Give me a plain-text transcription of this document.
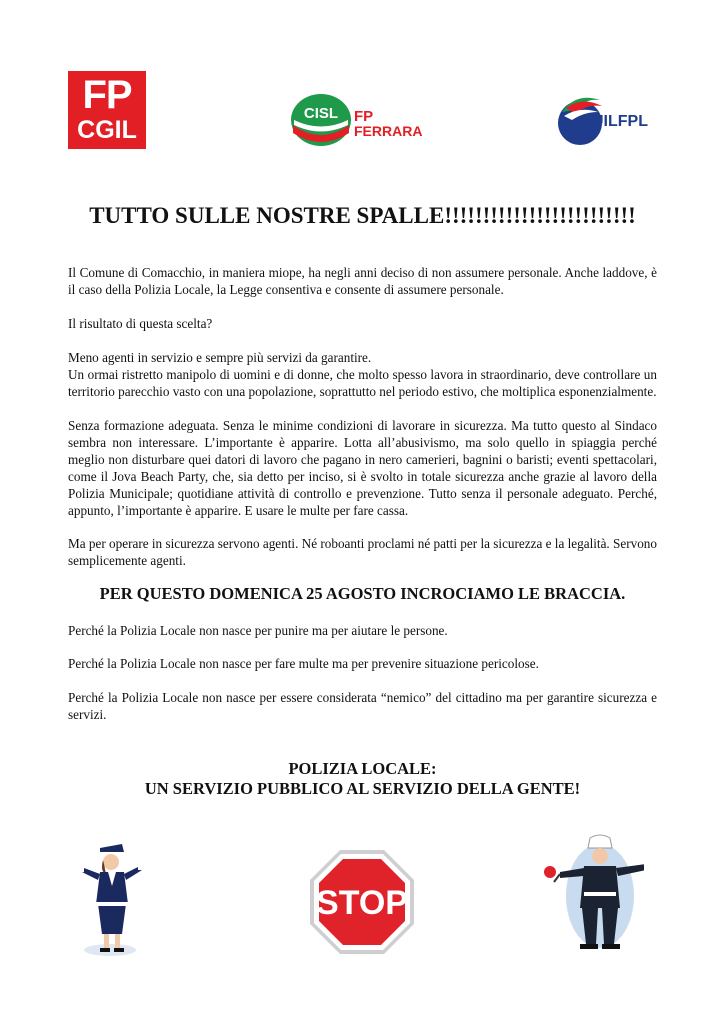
FP
CGIL
CISL FP
FERRARA
UILFPL
TUTTO SULLE NOSTRE SPALLE!!!!!!!!!!!!!!!!!!!!!!!!!

Il Comune di Comacchio, in maniera miope, ha negli anni deciso di non assumere personale. Anche laddove, è il caso della Polizia Locale, la Legge consentiva e consente di assumere personale.

Il risultato di questa scelta?

Meno agenti in servizio e sempre più servizi da garantire.

Un ormai ristretto manipolo di uomini e di donne, che molto spesso lavora in straordinario, deve controllare un territorio parecchio vasto con una popolazione, soprattutto nel periodo estivo, che moltiplica esponenzialmente.

Senza formazione adeguata. Senza le minime condizioni di lavorare in sicurezza. Ma tutto questo al Sindaco sembra non interessare. L’importante è apparire. Lotta all’abusivismo, ma solo quello in spiaggia perché meglio non disturbare quei datori di lavoro che pagano in nero camerieri, bagnini o baristi; eventi spettacolari, come il Jova Beach Party, che, sia detto per inciso, si è svolto in totale sicurezza anche grazie al lavoro della Polizia Municipale; quotidiane attività di controllo e prevenzione. Tutto senza il personale adeguato. Perché, appunto, l’importante è apparire. E usare le multe per fare cassa.

Ma per operare in sicurezza servono agenti. Né roboanti proclami né patti per la sicurezza e la legalità. Servono semplicemente agenti.

PER QUESTO DOMENICA 25 AGOSTO INCROCIAMO LE BRACCIA.

Perché la Polizia Locale non nasce per punire ma per aiutare le persone.

Perché la Polizia Locale non nasce per fare multe ma per prevenire situazione pericolose.

Perché la Polizia Locale non nasce per essere considerata “nemico” del cittadino ma per garantire sicurezza e servizi.

POLIZIA LOCALE:
UN SERVIZIO PUBBLICO AL SERVIZIO DELLA GENTE!
STOP
